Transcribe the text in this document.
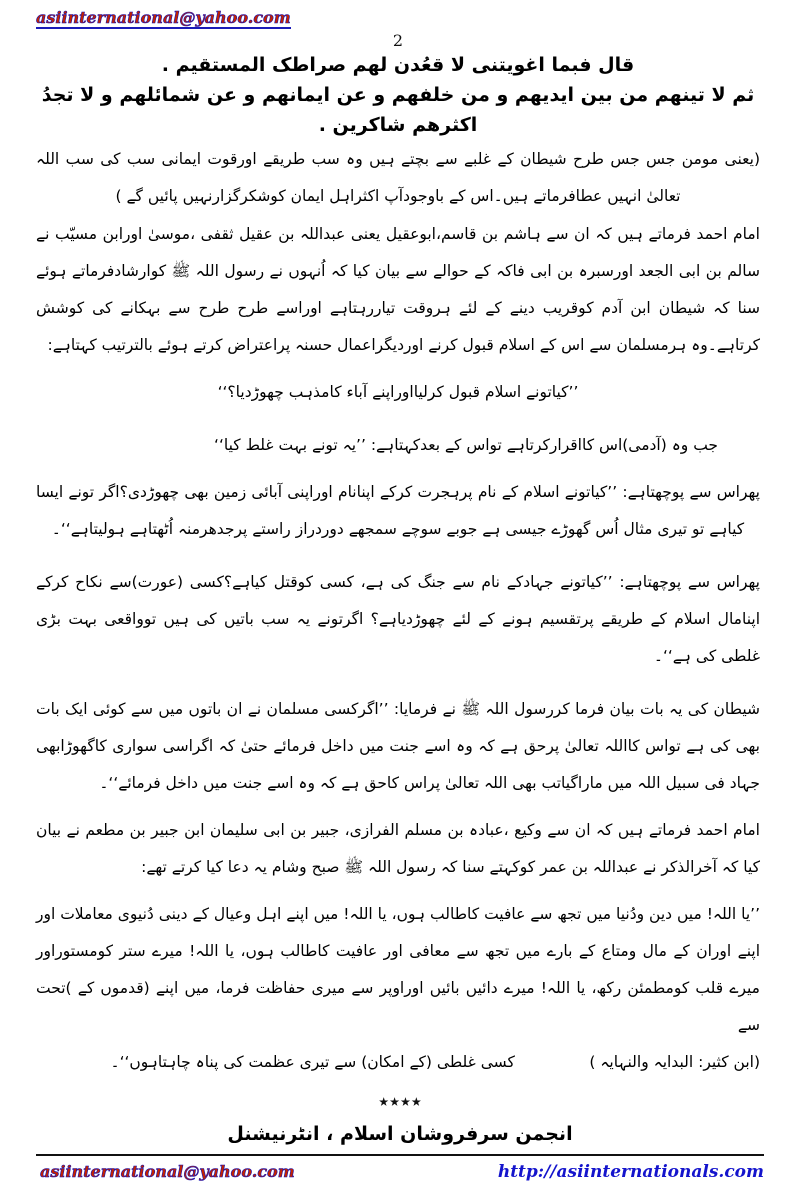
asiinternational@yahoo.com
2
قال فبما اغويتنى لا قعُدن لهم صراطک المستقيم .
ثم لا تينهم من بين ايديهم و من خلفهم و عن ايمانهم و عن شمائلهم و لا تجدُ اکثرهم شاکرين .

(یعنی مومن جس جس طرح شیطان کے غلبے سے بچتے ہیں وہ سب طریقے اورقوت ایمانی سب کی سب اللہ تعالیٰ انہیں عطافرماتے ہیں۔اس کے باوجودآپ اکثراہل ایمان کوشکرگزارنہیں پائیں گے )

امام احمد فرماتے ہیں کہ ان سے ہاشم بن قاسم،ابوعقیل یعنی عبداللہ بن عقیل ثقفی ،موسیٰ اورابن مسیّب نے سالم بن ابی الجعد اورسبرہ بن ابی فاکہ کے حوالے سے بیان کیا کہ اُنہوں نے رسول اللہ ﷺ کوارشادفرماتے ہوئے سنا کہ شیطان ابن آدم کوقریب دینے کے لئے ہروقت تیاررہتاہے اوراسے طرح طرح سے بہکانے کی کوشش کرتاہے۔وہ ہرمسلمان سے اس کے اسلام قبول کرنے اوردیگراعمال حسنہ پراعتراض کرتے ہوئے بالترتیب کہتاہے:

’’کیاتونے اسلام قبول کرلیااوراپنے آباء کامذہب چھوڑدیا؟‘‘

جب وہ (آدمی)اس کااقرارکرتاہے تواس کے بعدکہتاہے: ’’یہ تونے بہت غلط کیا‘‘

پھراس سے پوچھتاہے: ’’کیاتونے اسلام کے نام پرہجرت کرکے اپنانام اوراپنی آبائی زمین بھی چھوڑدی؟اگر تونے ایسا کیاہے تو تیری مثال اُس گھوڑے جیسی ہے جوبے سوچے سمجھے دوردراز راستے پرجدھرمنہ اُٹھتاہے ہولیتاہے‘‘۔

پھراس سے پوچھتاہے: ’’کیاتونے جہادکے نام سے جنگ کی ہے، کسی کوقتل کیاہے؟کسی (عورت)سے نکاح کرکے اپنامال اسلام کے طریقے پرتقسیم ہونے کے لئے چھوڑدیاہے؟ اگرتونے یہ سب باتیں کی ہیں توواقعی بہت بڑی غلطی کی ہے‘‘۔

شیطان کی یہ بات بیان فرما کررسول اللہ ﷺ نے فرمایا: ’’اگرکسی مسلمان نے ان باتوں میں سے کوئی ایک بات بھی کی ہے تواس کااللہ تعالیٰ پرحق ہے کہ وہ اسے جنت میں داخل فرمائے حتیٰ کہ اگراسی سواری کاگھوڑابھی جہاد فی سبیل اللہ میں ماراگیاتب بھی اللہ تعالیٰ پراس کاحق ہے کہ وہ اسے جنت میں داخل فرمائے‘‘۔

امام احمد فرماتے ہیں کہ ان سے وکیع ،عبادہ بن مسلم الفرازی، جبیر بن ابی سلیمان ابن جبیر بن مطعم نے بیان کیا کہ آخرالذکر نے عبداللہ بن عمر کوکہتے سنا کہ رسول اللہ ﷺ صبح وشام یہ دعا کیا کرتے تھے:

’’یا اللہ! میں دین ودُنیا میں تجھ سے عافیت کاطالب ہوں، یا اللہ! میں اپنے اہل وعیال کے دینی دُنیوی معاملات اور اپنے اوران کے مال ومتاع کے بارے میں تجھ سے معافی اور عافیت کاطالب ہوں، یا اللہ! میرے ستر کومستوراور میرے قلب کومطمئن رکھ، یا اللہ! میرے دائیں بائیں اوراوپر سے میری حفاظت فرما، میں اپنے (قدموں کے )تحت سے

(ابن کثیر: البدایہ والنہایہ )
کسی غلطی (کے امکان) سے تیری عظمت کی پناہ چاہتاہوں‘‘۔
٭٭٭٭
انجمن سرفروشان اسلام ، انٹرنیشنل
asiinternational@yahoo.com	http://asiinternationals.com
